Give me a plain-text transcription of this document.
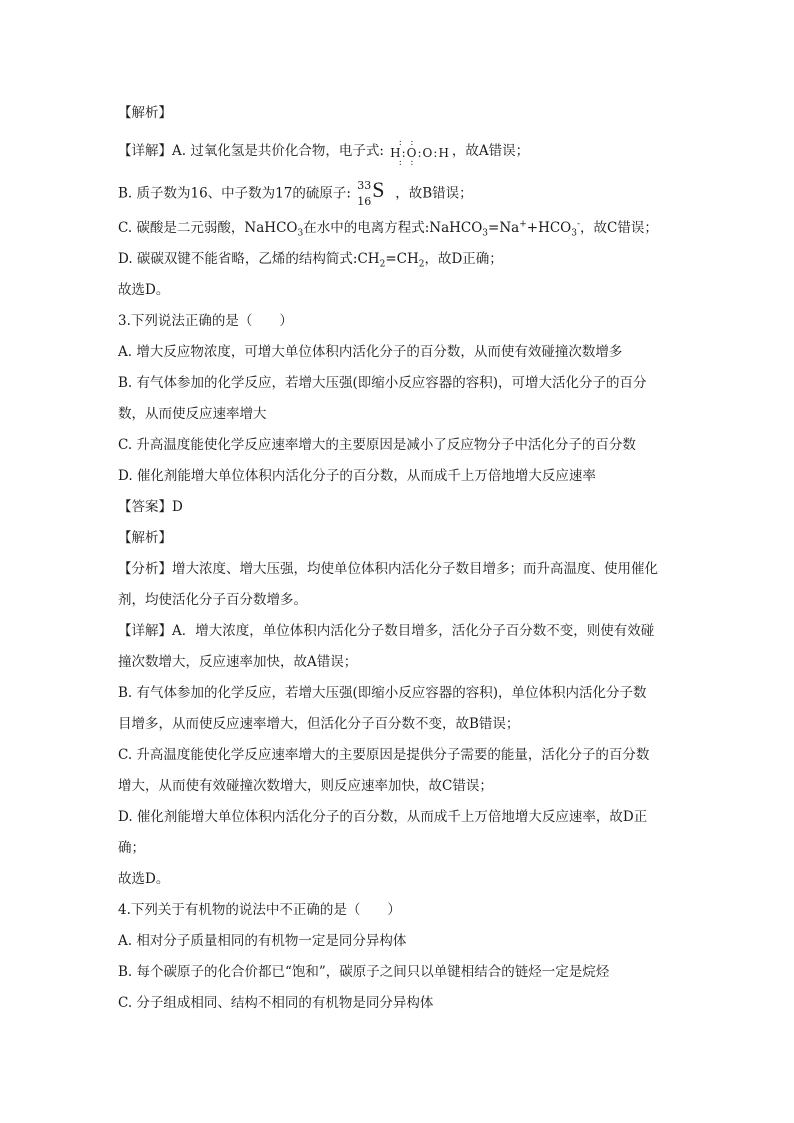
【解析】
【详解】A. 过氧化氢是共价化合物，电子式:
:   :
H:O:O:H
:   :
，故A错误；
B. 质子数为16、中子数为17的硫原子: 33
16 S ，故B错误；
C. 碳酸是二元弱酸，NaHCO$_3$在水中的电离方程式$:NaHCO_3=Na^++HCO_3^-$，故C错误；
D. 碳碳双键不能省略，乙烯的结构简式$:CH_2=CH_2$，故D正确；
故选D。
3.下列说法正确的是（　　）
A. 增大反应物浓度，可增大单位体积内活化分子的百分数，从而使有效碰撞次数增多
B. 有气体参加的化学反应，若增大压强(即缩小反应容器的容积)，可增大活化分子的百分
数，从而使反应速率增大
C. 升高温度能使化学反应速率增大的主要原因是减小了反应物分子中活化分子的百分数
D. 催化剂能增大单位体积内活化分子的百分数，从而成千上万倍地增大反应速率
【答案】D
【解析】
【分析】增大浓度、增大压强，均使单位体积内活化分子数目增多；而升高温度、使用催化
剂，均使活化分子百分数增多。
【详解】A．增大浓度，单位体积内活化分子数目增多，活化分子百分数不变，则使有效碰
撞次数增大，反应速率加快，故A错误；
B. 有气体参加的化学反应，若增大压强(即缩小反应容器的容积)，单位体积内活化分子数
目增多，从而使反应速率增大，但活化分子百分数不变，故B错误；
C. 升高温度能使化学反应速率增大的主要原因是提供分子需要的能量，活化分子的百分数
增大，从而使有效碰撞次数增大，则反应速率加快，故C错误；
D. 催化剂能增大单位体积内活化分子的百分数，从而成千上万倍地增大反应速率，故D正
确；
故选D。
4.下列关于有机物的说法中不正确的是（　　）
A. 相对分子质量相同的有机物一定是同分异构体
B. 每个碳原子的化合价都已“饱和”，碳原子之间只以单键相结合的链烃一定是烷烃
C. 分子组成相同、结构不相同的有机物是同分异构体
